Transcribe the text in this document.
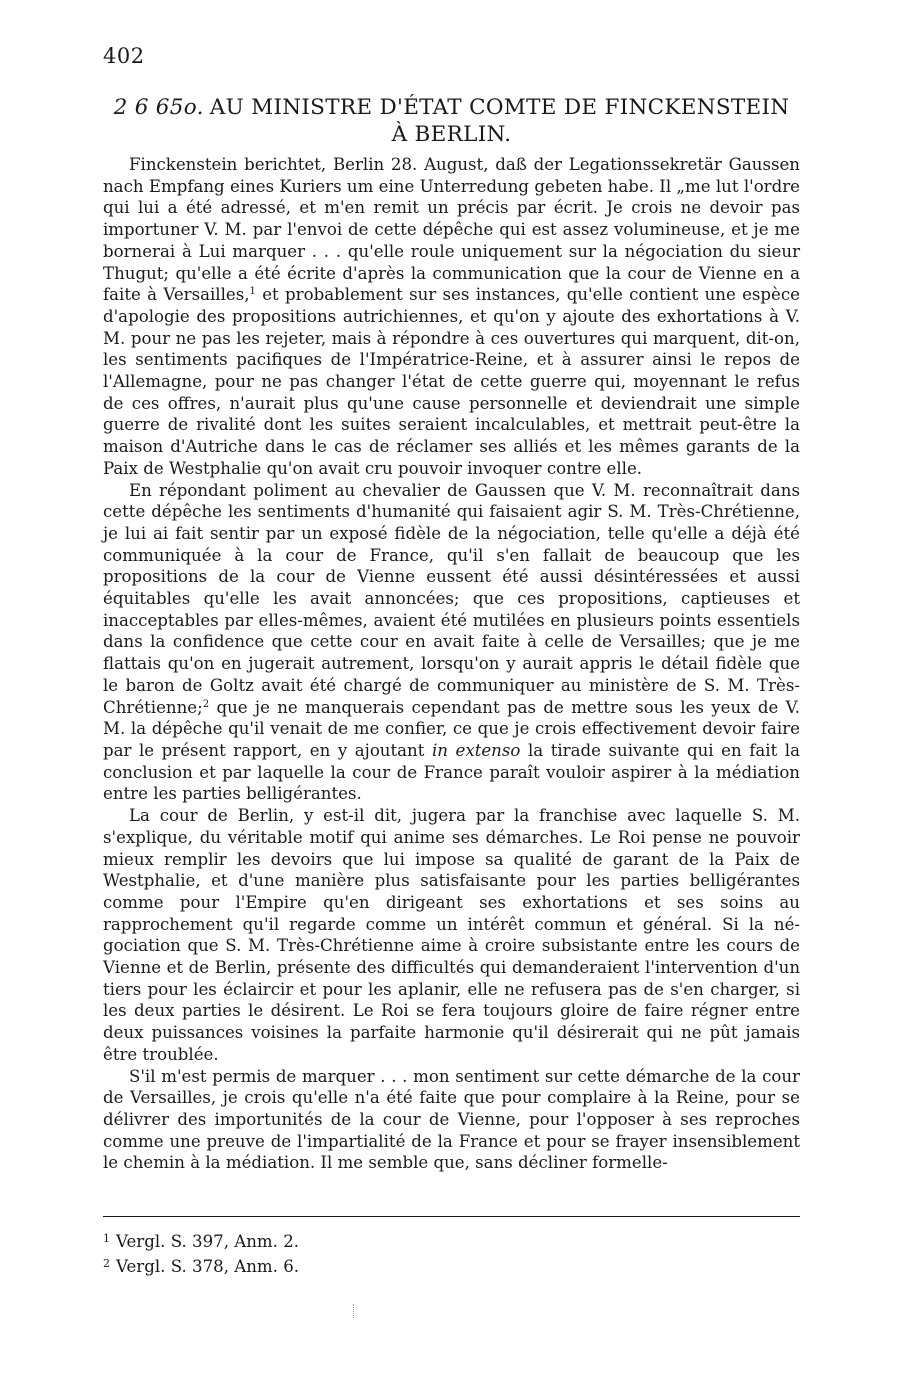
402
2 6 65o. AU MINISTRE D'ÉTAT COMTE DE FINCKENSTEIN À BERLIN.

Finckenstein berichtet, Berlin 28. August, daß der Legationssekretär Gaussen nach Empfang eines Kuriers um eine Unterredung gebeten habe. Il „me lut l'ordre qui lui a été adressé, et m'en remit un précis par écrit. Je crois ne devoir pas importuner V. M. par l'envoi de cette dépêche qui est assez volumineuse, et je me bornerai à Lui marquer . . . qu'elle roule uniquement sur la négociation du sieur Thugut; qu'elle a été écrite d'après la communication que la cour de Vienne en a faite à Versailles,$^1$ et probablement sur ses instances, qu'elle contient une espèce d'apologie des propositions autrichiennes, et qu'on y ajoute des exhortations à V. M. pour ne pas les rejeter, mais à répondre à ces ouvertures qui marquent, dit-on, les sentiments pacifiques de l'Impératrice-Reine, et à assurer ainsi le repos de l'Allemagne, pour ne pas changer l'état de cette guerre qui, moyennant le refus de ces offres, n'aurait plus qu'une cause personnelle et deviendrait une simple guerre de rivalité dont les suites seraient incalculables, et mettrait peut-être la maison d'Autriche dans le cas de réclamer ses alliés et les mêmes garants de la Paix de Westphalie qu'on avait cru pouvoir invoquer contre elle.

En répondant poliment au chevalier de Gaussen que V. M. reconnaîtrait dans cette dépêche les sentiments d'humanité qui faisaient agir S. M. Très-Chrétienne, je lui ai fait sentir par un exposé fidèle de la négociation, telle qu'elle a déjà été communiquée à la cour de France, qu'il s'en fallait de beaucoup que les propositions de la cour de Vienne eussent été aussi désintéressées et aussi équitables qu'elle les avait annoncées; que ces propositions, captieuses et inacceptables par elles-mêmes, avaient été mutilées en plusieurs points essentiels dans la confidence que cette cour en avait faite à celle de Versailles; que je me flattais qu'on en jugerait autrement, lorsqu'on y aurait appris le détail fidèle que le baron de Goltz avait été chargé de communiquer au ministère de S. M. Très-Chrétienne;$^2$ que je ne manquerais cependant pas de mettre sous les yeux de V. M. la dépêche qu'il venait de me confier, ce que je crois effectivement devoir faire par le présent rapport, en y ajoutant in extenso la tirade suivante qui en fait la conclusion et par laquelle la cour de France paraît vouloir aspirer à la médiation entre les parties belligérantes.

La cour de Berlin, y est-il dit, jugera par la franchise avec laquelle S. M. s'explique, du véritable motif qui anime ses démarches. Le Roi pense ne pouvoir mieux remplir les devoirs que lui impose sa qualité de garant de la Paix de Westphalie, et d'une manière plus satisfaisante pour les parties belligérantes comme pour l'Empire qu'en dirigeant ses exhortations et ses soins au rapprochement qu'il regarde comme un intérêt commun et général. Si la négociation que S. M. Très-Chrétienne aime à croire subsistante entre les cours de Vienne et de Berlin, présente des difficultés qui demanderaient l'intervention d'un tiers pour les éclaircir et pour les aplanir, elle ne refusera pas de s'en charger, si les deux parties le désirent. Le Roi se fera toujours gloire de faire régner entre deux puissances voisines la parfaite harmonie qu'il désirerait qui ne pût jamais être troublée.

S'il m'est permis de marquer . . . mon sentiment sur cette démarche de la cour de Versailles, je crois qu'elle n'a été faite que pour complaire à la Reine, pour se délivrer des importunités de la cour de Vienne, pour l'opposer à ses reproches comme une preuve de l'impartialité de la France et pour se frayer insensiblement le chemin à la médiation. Il me semble que, sans décliner formelle-

$^1$ Vergl. S. 397, Anm. 2.
$^2$ Vergl. S. 378, Anm. 6.
